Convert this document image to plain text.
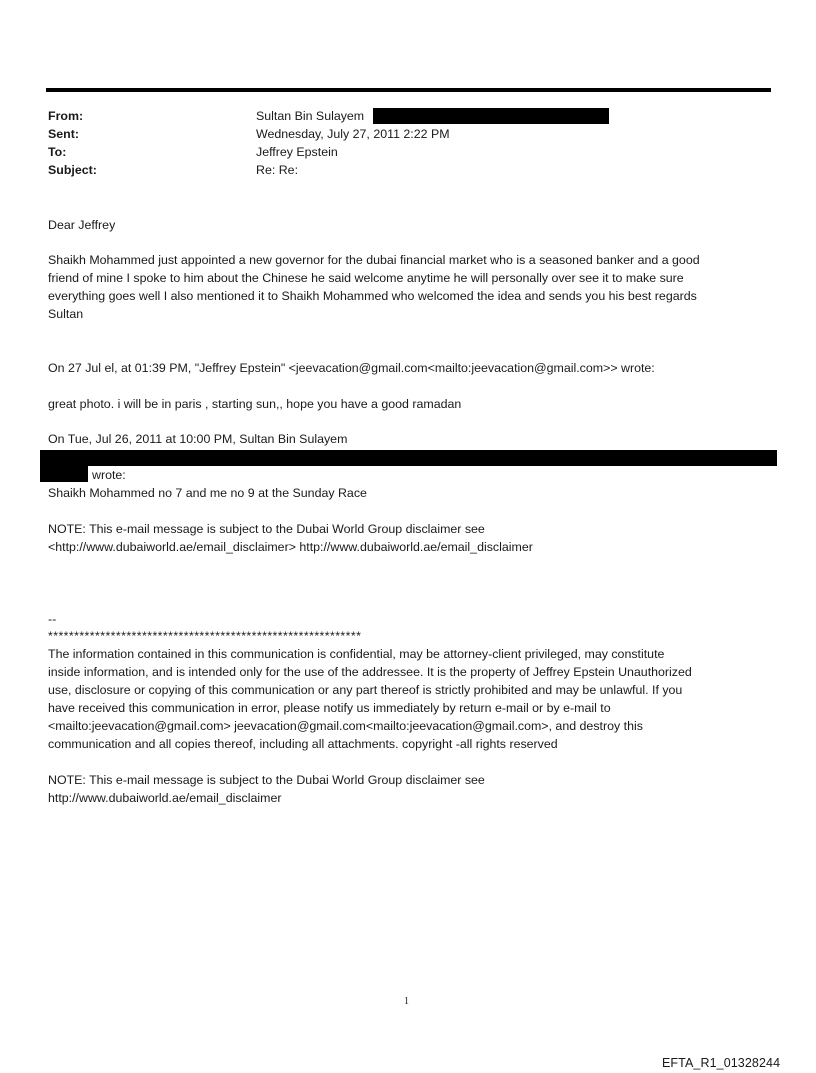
From:	Sultan Bin Sulayem
Sent:	Wednesday, July 27, 2011 2:22 PM
To:	Jeffrey Epstein
Subject:	Re: Re:
Dear Jeffrey
Shaikh Mohammed just appointed a new governor for the dubai financial market who is a seasoned banker and a good
friend of mine I spoke to him about the Chinese he said welcome anytime he will personally over see it to make sure
everything goes well I also mentioned it to Shaikh Mohammed who welcomed the idea and sends you his best regards
Sultan
On 27 Jul el, at 01:39 PM, "Jeffrey Epstein" <jeevacation@gmail.com<mailto:jeevacation@gmail.com>> wrote:
great photo. i will be in paris , starting sun,, hope you have a good ramadan
On Tue, Jul 26, 2011 at 10:00 PM, Sultan Bin Sulayem
wrote:
Shaikh Mohammed no 7 and me no 9 at the Sunday Race
NOTE: This e-mail message is subject to the Dubai World Group disclaimer see
<http://www.dubaiworld.ae/email_disclaimer> http://www.dubaiworld.ae/email_disclaimer
--
************************************************************
The information contained in this communication is confidential, may be attorney-client privileged, may constitute
inside information, and is intended only for the use of the addressee. It is the property of Jeffrey Epstein Unauthorized
use, disclosure or copying of this communication or any part thereof is strictly prohibited and may be unlawful. If you
have received this communication in error, please notify us immediately by return e-mail or by e-mail to
<mailto:jeevacation@gmail.com> jeevacation@gmail.com<mailto:jeevacation@gmail.com>, and destroy this
communication and all copies thereof, including all attachments. copyright -all rights reserved
NOTE: This e-mail message is subject to the Dubai World Group disclaimer see
http://www.dubaiworld.ae/email_disclaimer
1
EFTA_R1_01328244
